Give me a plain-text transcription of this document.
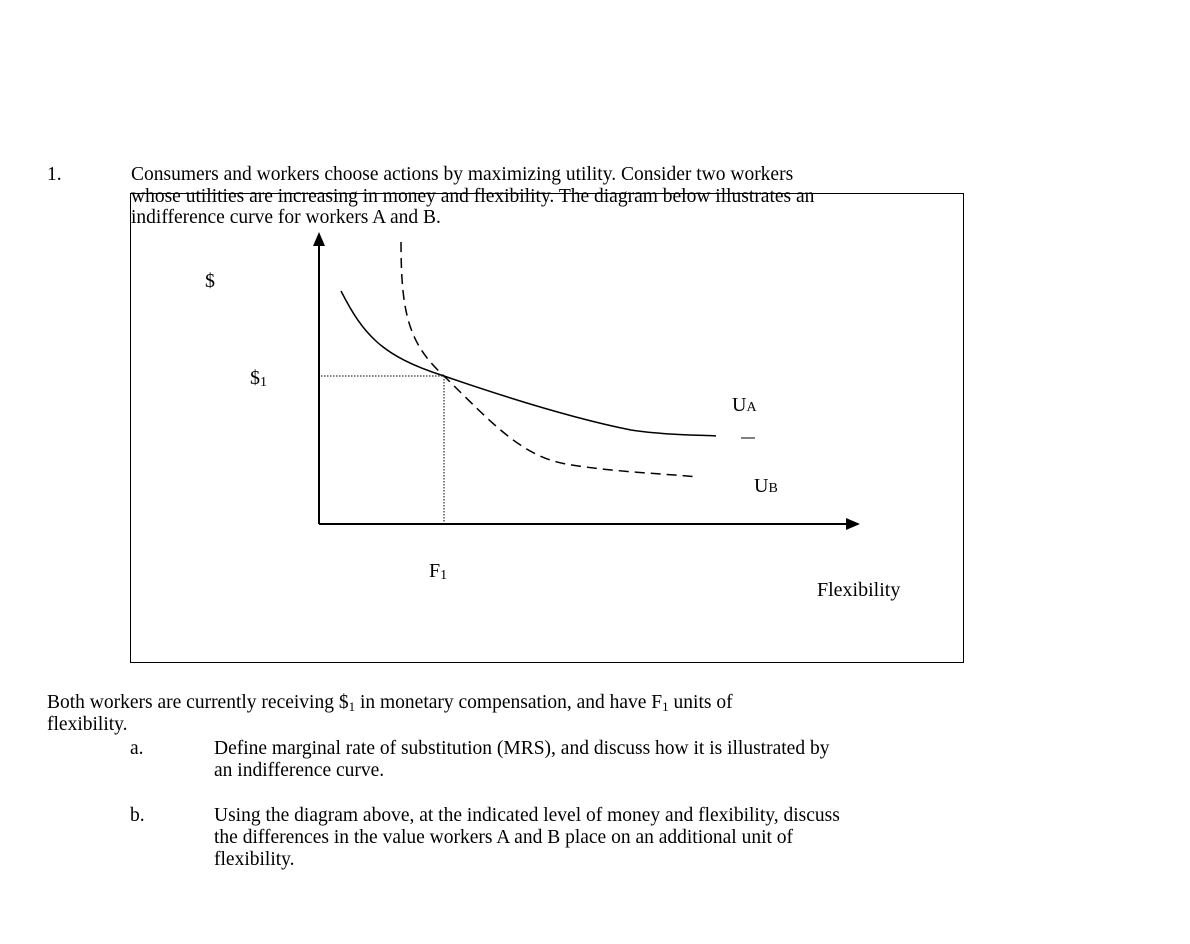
1.	Consumers and workers choose actions by maximizing utility. Consider two workers
whose utilities are increasing in money and flexibility. The diagram below illustrates an
indifference curve for workers A and B.
$
$1
F1
Flexibility
UA
UB
Both workers are currently receiving $\$_1$ in monetary compensation, and have $F_1$ units of
flexibility.
a.	Define marginal rate of substitution (MRS), and discuss how it is illustrated by
an indifference curve.
b.	Using the diagram above, at the indicated level of money and flexibility, discuss
the differences in the value workers A and B place on an additional unit of
flexibility.
